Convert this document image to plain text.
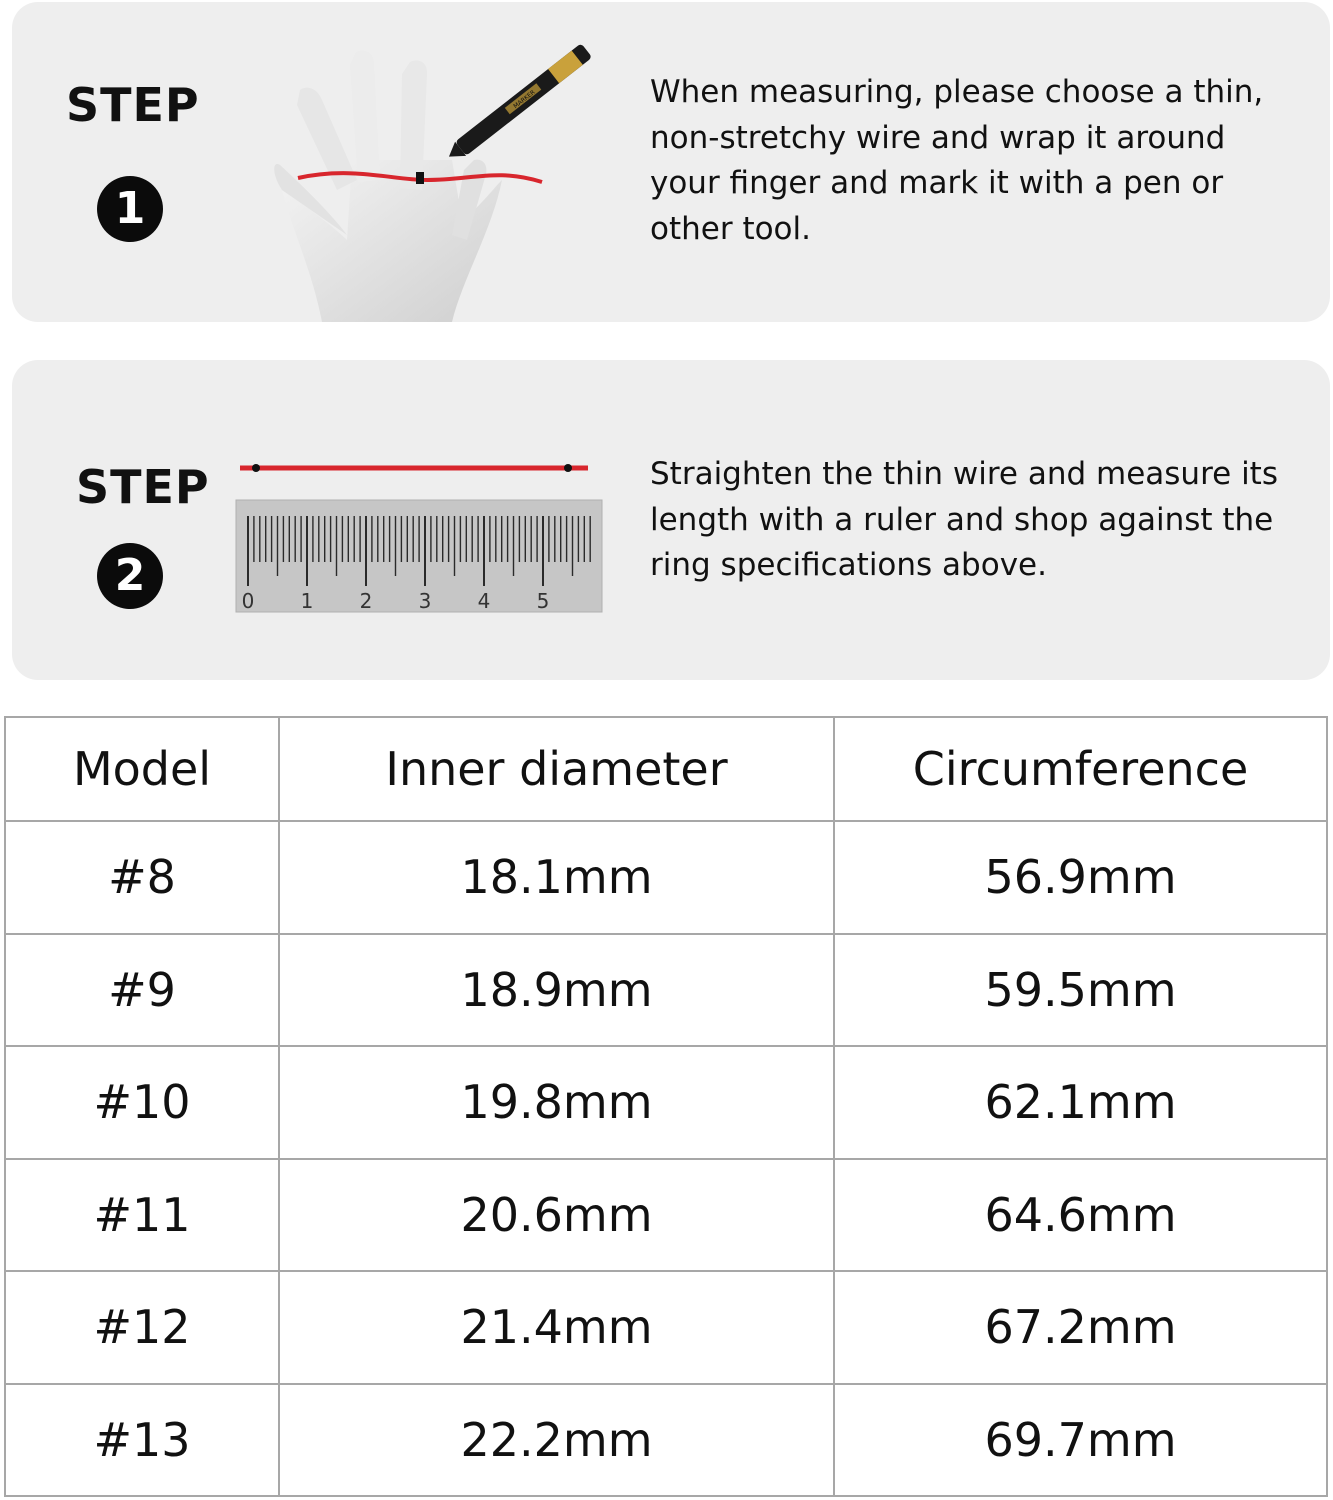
STEP
1
MARKER	When measuring, please choose a thin, non-stretchy wire and wrap it around your finger and mark it with a pen or other tool.
STEP
2	0 1 2 3 4 5
Straighten the thin wire and measure its length with a ruler and shop against the ring specifications above.
Model	Inner diameter	Circumference
#8	18.1mm	56.9mm
#9	18.9mm	59.5mm
#10	19.8mm	62.1mm
#11	20.6mm	64.6mm
#12	21.4mm	67.2mm
#13	22.2mm	69.7mm
